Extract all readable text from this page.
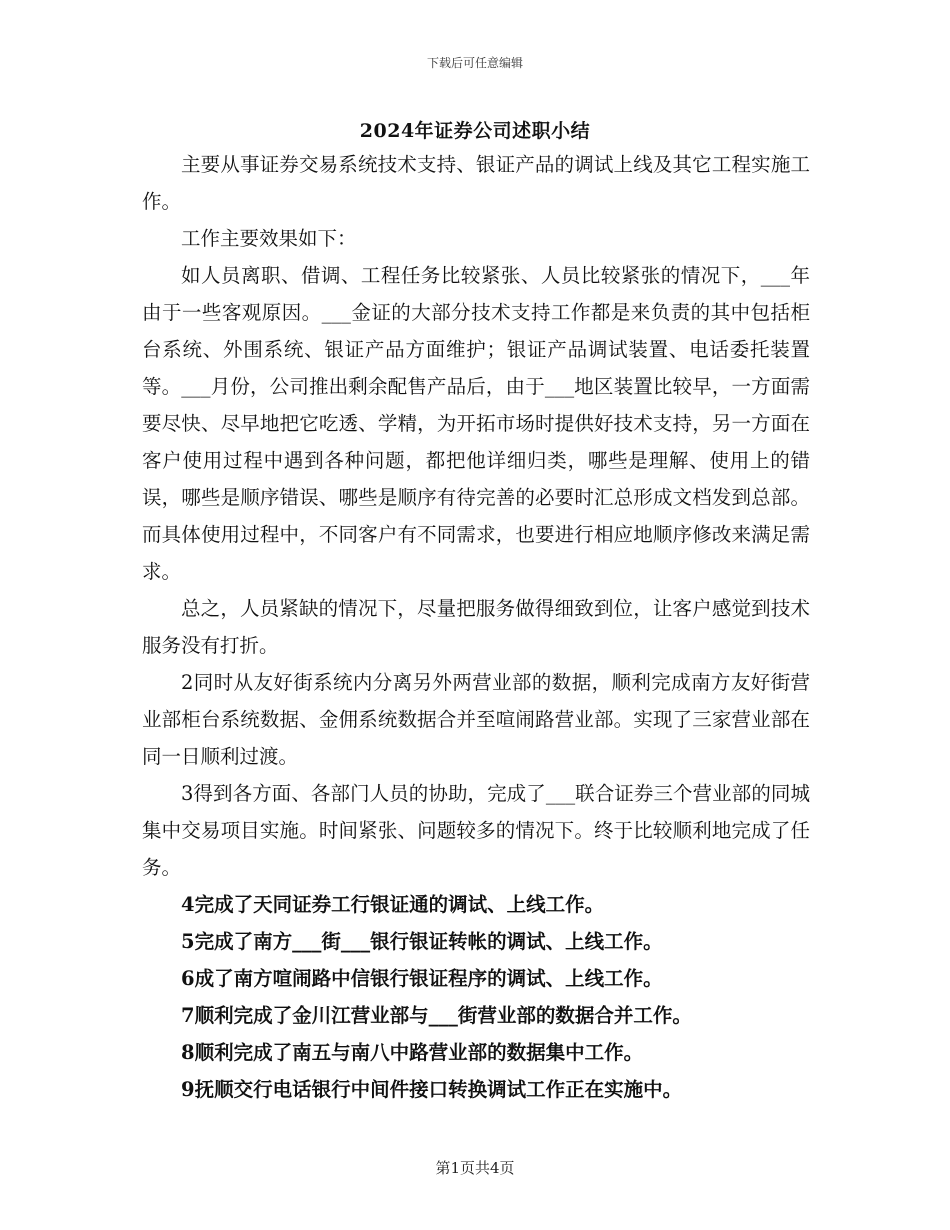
下载后可任意编辑
2024年证券公司述职小结

主要从事证券交易系统技术支持、银证产品的调试上线及其它工程实施工作。

工作主要效果如下：

如人员离职、借调、工程任务比较紧张、人员比较紧张的情况下，___年由于一些客观原因。___金证的大部分技术支持工作都是来负责的其中包括柜台系统、外围系统、银证产品方面维护；银证产品调试装置、电话委托装置等。___月份，公司推出剩余配售产品后，由于___地区装置比较早，一方面需要尽快、尽早地把它吃透、学精，为开拓市场时提供好技术支持，另一方面在客户使用过程中遇到各种问题，都把他详细归类，哪些是理解、使用上的错误，哪些是顺序错误、哪些是顺序有待完善的必要时汇总形成文档发到总部。而具体使用过程中，不同客户有不同需求，也要进行相应地顺序修改来满足需求。

总之，人员紧缺的情况下，尽量把服务做得细致到位，让客户感觉到技术服务没有打折。

2同时从友好街系统内分离另外两营业部的数据，顺利完成南方友好街营业部柜台系统数据、金佣系统数据合并至喧闹路营业部。实现了三家营业部在同一日顺利过渡。

3得到各方面、各部门人员的协助，完成了___联合证券三个营业部的同城集中交易项目实施。时间紧张、问题较多的情况下。终于比较顺利地完成了任务。

4完成了天同证券工行银证通的调试、上线工作。

5完成了南方___街___银行银证转帐的调试、上线工作。

6成了南方喧闹路中信银行银证程序的调试、上线工作。

7顺利完成了金川江营业部与___街营业部的数据合并工作。

8顺利完成了南五与南八中路营业部的数据集中工作。

9抚顺交行电话银行中间件接口转换调试工作正在实施中。

第1页共4页
